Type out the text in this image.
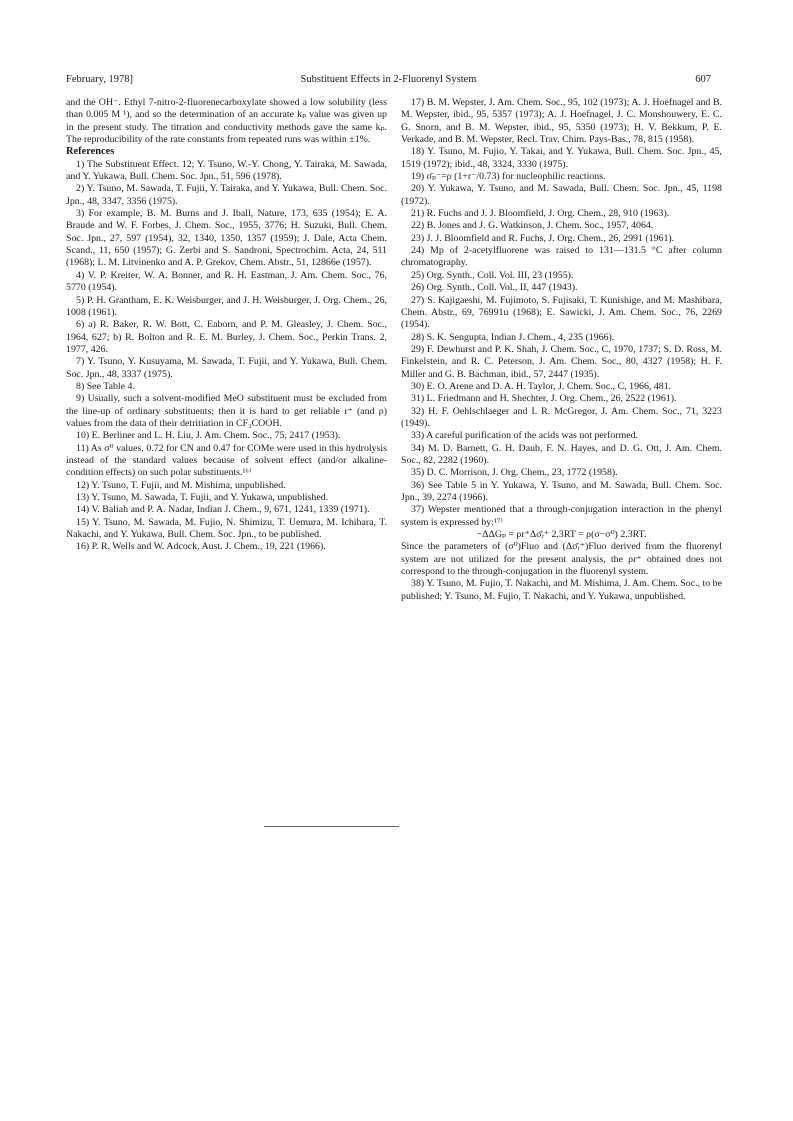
February, 1978]	Substituent Effects in 2-Fluorenyl System	607

and the OH⁻. Ethyl 7-nitro-2-fluorenecarboxylate showed a low solubility (less than 0.005 M ¹), and so the determination of an accurate kₚ value was given up in the present study. The titration and conductivity methods gave the same kₚ. The reproducibility of the rate constants from repeated runs was within ±1%.

References

1) The Substituent Effect. 12; Y. Tsuno, W.-Y. Chong, Y. Tairaka, M. Sawada, and Y. Yukawa, Bull. Chem. Soc. Jpn., 51, 596 (1978).

2) Y. Tsuno, M. Sawada, T. Fujii, Y. Tairaka, and Y. Yukawa, Bull. Chem. Soc. Jpn., 48, 3347, 3356 (1975).

3) For example, B. M. Burns and J. Iball, Nature, 173, 635 (1954); E. A. Braude and W. F. Forbes, J. Chem. Soc., 1955, 3776; H. Suzuki, Bull. Chem. Soc. Jpn., 27, 597 (1954), 32, 1340, 1350, 1357 (1959); J. Dale, Acta Chem. Scand., 11, 650 (1957); G. Zerbi and S. Sandroni, Spectrochim. Acta, 24, 511 (1968); L. M. Litvinenko and A. P. Grekov, Chem. Abstr., 51, 12866e (1957).

4) V. P. Kreiter, W. A. Bonner, and R. H. Eastman, J. Am. Chem. Soc., 76, 5770 (1954).

5) P. H. Grantham, E. K. Weisburger, and J. H. Weisburger, J. Org. Chem., 26, 1008 (1961).

6) a) R. Baker, R. W. Bott, C. Eaborn, and P. M. Gleasley, J. Chem. Soc., 1964, 627; b) R. Bolton and R. E. M. Burley, J. Chem. Soc., Perkin Trans. 2, 1977, 426.

7) Y. Tsuno, Y. Kusuyama, M. Sawada, T. Fujii, and Y. Yukawa, Bull. Chem. Soc. Jpn., 48, 3337 (1975).

8) See Table 4.

9) Usually, such a solvent-modified MeO substituent must be excluded from the line-up of ordinary substituents; then it is hard to get reliable r⁺ (and ρ) values from the data of their detritiation in CF₃COOH.

10) E. Berliner and L. H. Liu, J. Am. Chem. Soc., 75, 2417 (1953).

11) As σ⁰ values, 0.72 for CN and 0.47 for COMe were used in this hydrolysis instead of the standard values because of solvent effect (and/or alkaline-condition effects) on such polar substituents.¹⁶⁾

12) Y. Tsuno, T. Fujii, and M. Mishima, unpublished.

13) Y. Tsuno, M. Sawada, T. Fujii, and Y. Yukawa, unpublished.

14) V. Baliah and P. A. Nadar, Indian J. Chem., 9, 671, 1241, 1339 (1971).

15) Y. Tsuno, M. Sawada, M. Fujio, N. Shimizu, T. Uemura, M. Ichihara, T. Nakachi, and Y. Yukawa, Bull. Chem. Soc. Jpn., to be published.

16) P. R. Wells and W. Adcock, Aust. J. Chem., 19, 221 (1966).

17) B. M. Wepster, J. Am. Chem. Soc., 95, 102 (1973); A. J. Hoefnagel and B. M. Wepster, ibid., 95, 5357 (1973); A. J. Hoefnagel, J. C. Monshouwery, E. C. G. Snorn, and B. M. Wepster, ibid., 95, 5350 (1973); H. V. Bekkum, P. E. Verkade, and B. M. Wepster, Recl. Trav. Chim. Pays-Bas., 78, 815 (1958).

18) Y. Tsuno, M. Fujio, Y. Takai, and Y. Yukawa, Bull. Chem. Soc. Jpn., 45, 1519 (1972); ibid., 48, 3324, 3330 (1975).

19) σ̄ₚ⁻=ρ (1+r⁻/0.73) for nucleophilic reactions.

20) Y. Yukawa, Y. Tsuno, and M. Sawada, Bull. Chem. Soc. Jpn., 45, 1198 (1972).

21) R. Fuchs and J. J. Bloomfield, J. Org. Chem., 28, 910 (1963).

22) B. Jones and J. G. Watkinson, J. Chem. Soc., 1957, 4064.

23) J. J. Bloomfield and R. Fuchs, J. Org. Chem., 26, 2991 (1961).

24) Mp of 2-acetylfluorene was raised to 131—131.5 °C after column chromatography.

25) Org. Synth., Coll. Vol. III, 23 (1955).

26) Org. Synth., Coll. Vol., II, 447 (1943).

27) S. Kajigaeshi, M. Fujimoto, S. Fujisaki, T. Kunishige, and M. Mashibara, Chem. Abstr., 69, 76991u (1968); E. Sawicki, J. Am. Chem. Soc., 76, 2269 (1954).

28) S. K. Sengupta, Indian J. Chem., 4, 235 (1966).

29) F. Dewhurst and P. K. Shah, J. Chem. Soc., C, 1970, 1737; S. D. Ross, M. Finkelstein, and R. C. Peterson, J. Am. Chem. Soc., 80, 4327 (1958); H. F. Miller and G. B. Bachman, ibid., 57, 2447 (1935).

30) E. O. Arene and D. A. H. Taylor, J. Chem. Soc., C, 1966, 481.

31) L. Friedmann and H. Shechter, J. Org. Chem., 26, 2522 (1961).

32) H. F. Oehlschlaeger and I. R. McGregor, J. Am. Chem. Soc., 71, 3223 (1949).

33) A careful purification of the acids was not performed.

34) M. D. Barnett, G. H. Daub, F. N. Hayes, and D. G. Ott, J. Am. Chem. Soc., 82, 2282 (1960).

35) D. C. Morrison, J. Org. Chem., 23, 1772 (1958).

36) See Table 5 in Y. Yukawa, Y. Tsuno, and M. Sawada, Bull. Chem. Soc. Jpn., 39, 2274 (1966).

37) Wepster mentioned that a through-conjugation interaction in the phenyl system is expressed by:¹⁷⁾

−ΔΔGₚ = ρr⁺Δσ̄ᵣ⁺ 2.3RT = ρ(σ−σ⁰) 2.3RT.

Since the parameters of (σ⁰)Fluo and (Δσ̄ᵣ⁺)Fluo derived from the fluorenyl system are not utilized for the present analysis, the ρr⁺ obtained does not correspond to the through-conjugation in the fluorenyl system.

38) Y. Tsuno, M. Fujio, T. Nakachi, and M. Mishima, J. Am. Chem. Soc., to be published; Y. Tsuno, M. Fujio, T. Nakachi, and Y. Yukawa, unpublished.
